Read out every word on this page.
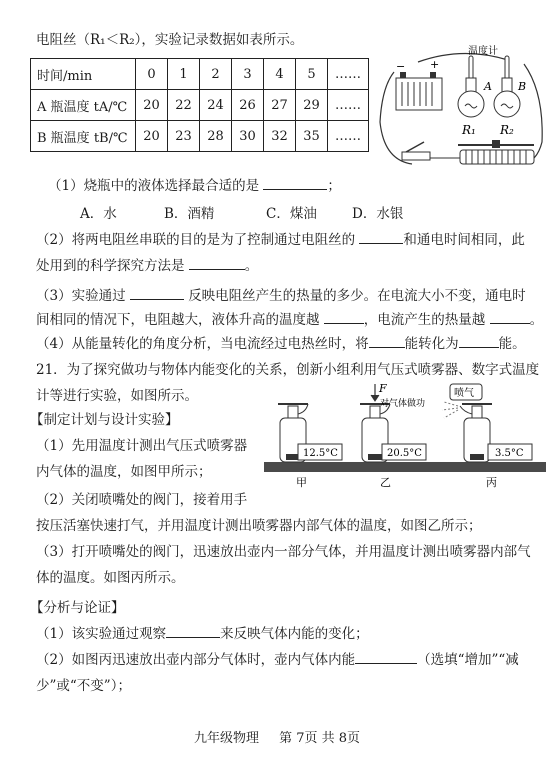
电阻丝（R₁＜R₂），实验记录数据如表所示。
时间/min	0	1	2	3	4	5	……
A 瓶温度 tA/℃	20	22	24	26	27	29	……
B 瓶温度 tB/℃	20	23	28	30	32	35	……
− +
温度计
A B
R₁ R₂
（1）烧瓶中的液体选择最合适的是	；
A．水	B．酒精	C．煤油	D．水银
（2）将两电阻丝串联的目的是为了控制通过电阻丝的	和通电时间相同，此
处用到的科学探究方法是	。
（3）实验通过	反映电阻丝产生的热量的多少。在电流大小不变，通电时
间相同的情况下，电阻越大，液体升高的温度越	，电流产生的热量越	。
（4）从能量转化的角度分析，当电流经过电热丝时，将	能转化为	能。
21．为了探究做功与物体内能变化的关系，创新小组利用气压式喷雾器、数字式温度
计等进行实验，如图所示。
【制定计划与设计实验】
（1）先用温度计测出气压式喷雾器
内气体的温度，如图甲所示；
（2）关闭喷嘴处的阀门，接着用手
按压活塞快速打气，并用温度计测出喷雾器内部气体的温度，如图乙所示；
（3）打开喷嘴处的阀门，迅速放出壶内一部分气体，并用温度计测出喷雾器内部气
体的温度。如图丙所示。
12.5°C
F
对气体做功
20.5°C
喷气
3.5°C
甲	乙	丙
【分析与论证】
（1）该实验通过观察	来反映气体内能的变化；
（2）如图丙迅速放出壶内部分气体时，壶内气体内能	（选填“增加”“减
少”或“不变”）；
九年级物理 第 7页 共 8页
